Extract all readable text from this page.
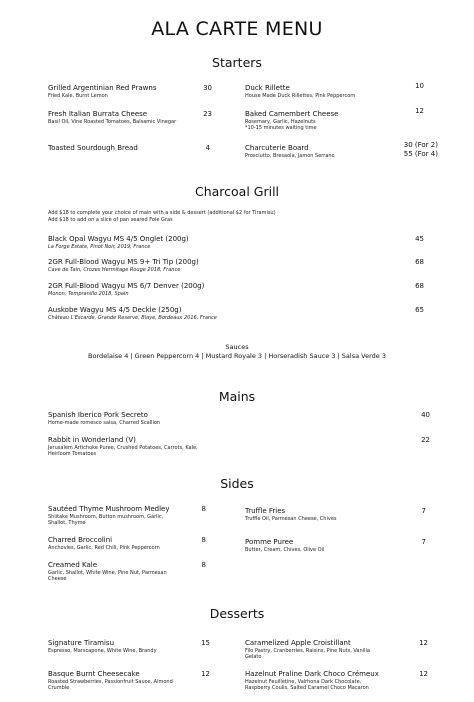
ALA CARTE MENU
Starters
Grilled Argentinian Red Prawns
Fried Kale, Burnt Lemon
30
Fresh Italian Burrata Cheese
Basil Oil, Vine Roasted Tomatoes, Balsamic Vinegar
23
Toasted Sourdough Bread	4
Duck Rillette
House Made Duck Rillettes, Pink Peppercorn
10
Baked Camembert Cheese
Rosemary, Garlic, Hazelnuts
*10-15 minutes waiting time
12
Charcuterie Board
Prosciutto, Bresaola, Jamon Serrano
30 (For 2)
55 (For 4)
Charcoal Grill
Add $18 to complete your choice of main with a side & dessert (additional $2 for Tiramisu)
Add $18 to add on a slice of pan seared Foie Gras
Black Opal Wagyu MS 4/5 Onglet (200g)
La Forge Estate, Pinot Noir, 2019, France
45
2GR Full-Blood Wagyu MS 9+ Tri Tip (200g)
Cave de Tain, Crozes Hermitage Rouge 2018, France
68
2GR Full-Blood Wagyu MS 6/7 Denver (200g)
Monon, Tempranillo 2018, Spain
68
Auskobe Wagyu MS 4/5 Deckle (250g)
Château L'Escarde, Grande Reserve, Blaye, Bordeaux 2016, France
65
Sauces
Bordelaise 4 | Green Peppercorn 4 | Mustard Royale 3 | Horseradish Sauce 3 | Salsa Verde 3
Mains
Spanish Iberico Pork Secreto
Home-made romesco salsa, Charred Scallion
40
Rabbit in Wonderland (V)
Jerusalem Artichoke Puree, Crushed Potatoes, Carrots, Kale,
Heirloom Tomatoes
22
Sides
Sautéed Thyme Mushroom Medley
Shiitake Mushroom, Button mushroom, Garlic,
Shallot, Thyme
8
Charred Broccolini
Anchovies, Garlic, Red Chili, Pink Peppercorn
8
Creamed Kale
Garlic, Shallot, White Wine, Pine Nut, Parmesan
Cheese
8
Truffle Fries
Truffle Oil, Parmesan Cheese, Chives
7
Pomme Puree
Butter, Cream, Chives, Olive Oil
7
Desserts
Signature Tiramisu
Espresso, Marscapone, White Wine, Brandy
15
Basque Burnt Cheesecake
Roasted Strawberries, Passionfruit Sauce, Almond
Crumble
12
Caramelized Apple Croistillant
Filo Pastry, Cranberries, Raisins, Pine Nuts, Vanilla
Gelato
12
Hazelnut Praline Dark Choco Crémeux
Hazelnut Feuilletine, Valrhona Dark Chocolate,
Raspberry Coulis, Salted Caramel Choco Macaron
12
